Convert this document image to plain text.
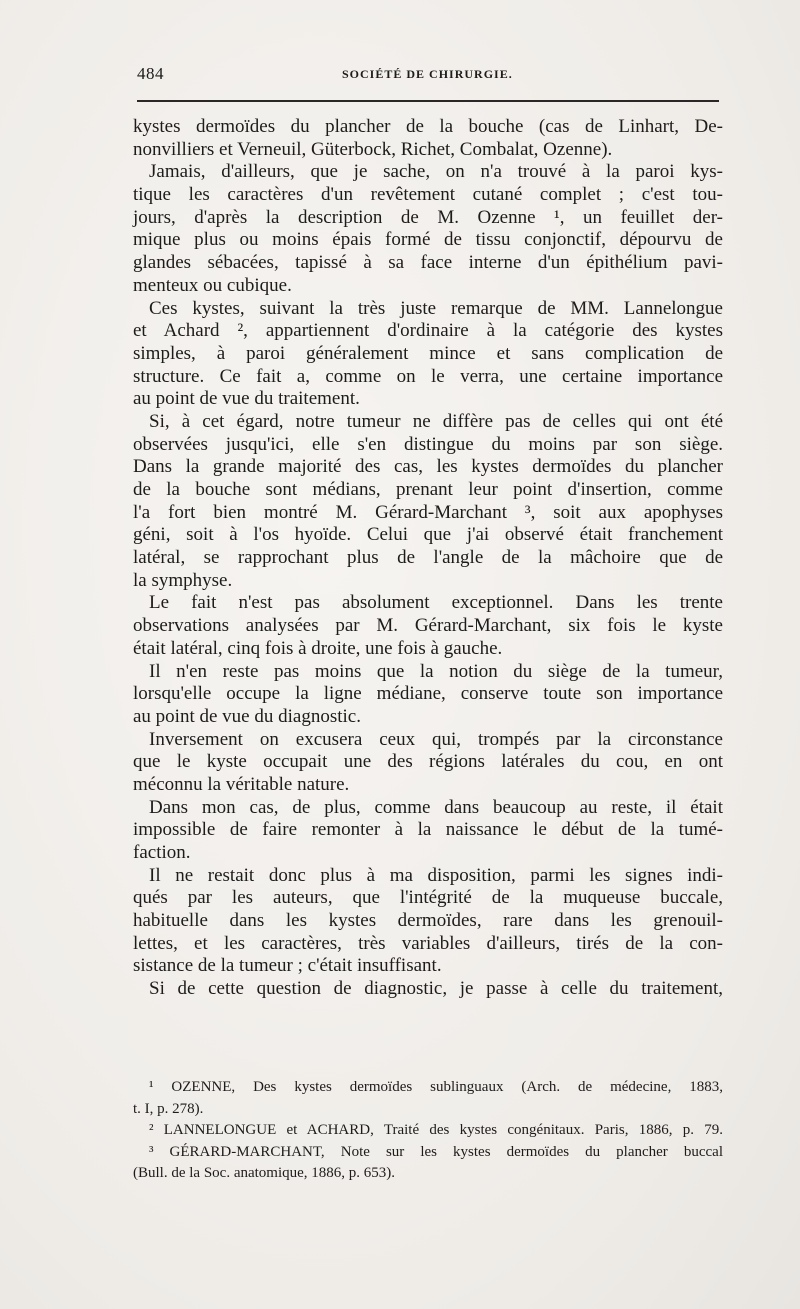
484	SOCIÉTÉ DE CHIRURGIE.
kystes dermoïdes du plancher de la bouche (cas de Linhart, De-
nonvilliers et Verneuil, Güterbock, Richet, Combalat, Ozenne).
Jamais, d'ailleurs, que je sache, on n'a trouvé à la paroi kys-
tique les caractères d'un revêtement cutané complet ; c'est tou-
jours, d'après la description de M. Ozenne ¹, un feuillet der-
mique plus ou moins épais formé de tissu conjonctif, dépourvu de
glandes sébacées, tapissé à sa face interne d'un épithélium pavi-
menteux ou cubique.
Ces kystes, suivant la très juste remarque de MM. Lannelongue
et Achard ², appartiennent d'ordinaire à la catégorie des kystes
simples, à paroi généralement mince et sans complication de
structure. Ce fait a, comme on le verra, une certaine importance
au point de vue du traitement.
Si, à cet égard, notre tumeur ne diffère pas de celles qui ont été
observées jusqu'ici, elle s'en distingue du moins par son siège.
Dans la grande majorité des cas, les kystes dermoïdes du plancher
de la bouche sont médians, prenant leur point d'insertion, comme
l'a fort bien montré M. Gérard-Marchant ³, soit aux apophyses
géni, soit à l'os hyoïde. Celui que j'ai observé était franchement
latéral, se rapprochant plus de l'angle de la mâchoire que de
la symphyse.
Le fait n'est pas absolument exceptionnel. Dans les trente
observations analysées par M. Gérard-Marchant, six fois le kyste
était latéral, cinq fois à droite, une fois à gauche.
Il n'en reste pas moins que la notion du siège de la tumeur,
lorsqu'elle occupe la ligne médiane, conserve toute son importance
au point de vue du diagnostic.
Inversement on excusera ceux qui, trompés par la circonstance
que le kyste occupait une des régions latérales du cou, en ont
méconnu la véritable nature.
Dans mon cas, de plus, comme dans beaucoup au reste, il était
impossible de faire remonter à la naissance le début de la tumé-
faction.
Il ne restait donc plus à ma disposition, parmi les signes indi-
qués par les auteurs, que l'intégrité de la muqueuse buccale,
habituelle dans les kystes dermoïdes, rare dans les grenouil-
lettes, et les caractères, très variables d'ailleurs, tirés de la con-
sistance de la tumeur ; c'était insuffisant.
Si de cette question de diagnostic, je passe à celle du traitement,
¹ OZENNE, Des kystes dermoïdes sublinguaux (Arch. de médecine, 1883,
t. I, p. 278).
² LANNELONGUE et ACHARD, Traité des kystes congénitaux. Paris, 1886, p. 79.
³ GÉRARD-MARCHANT, Note sur les kystes dermoïdes du plancher buccal
(Bull. de la Soc. anatomique, 1886, p. 653).
